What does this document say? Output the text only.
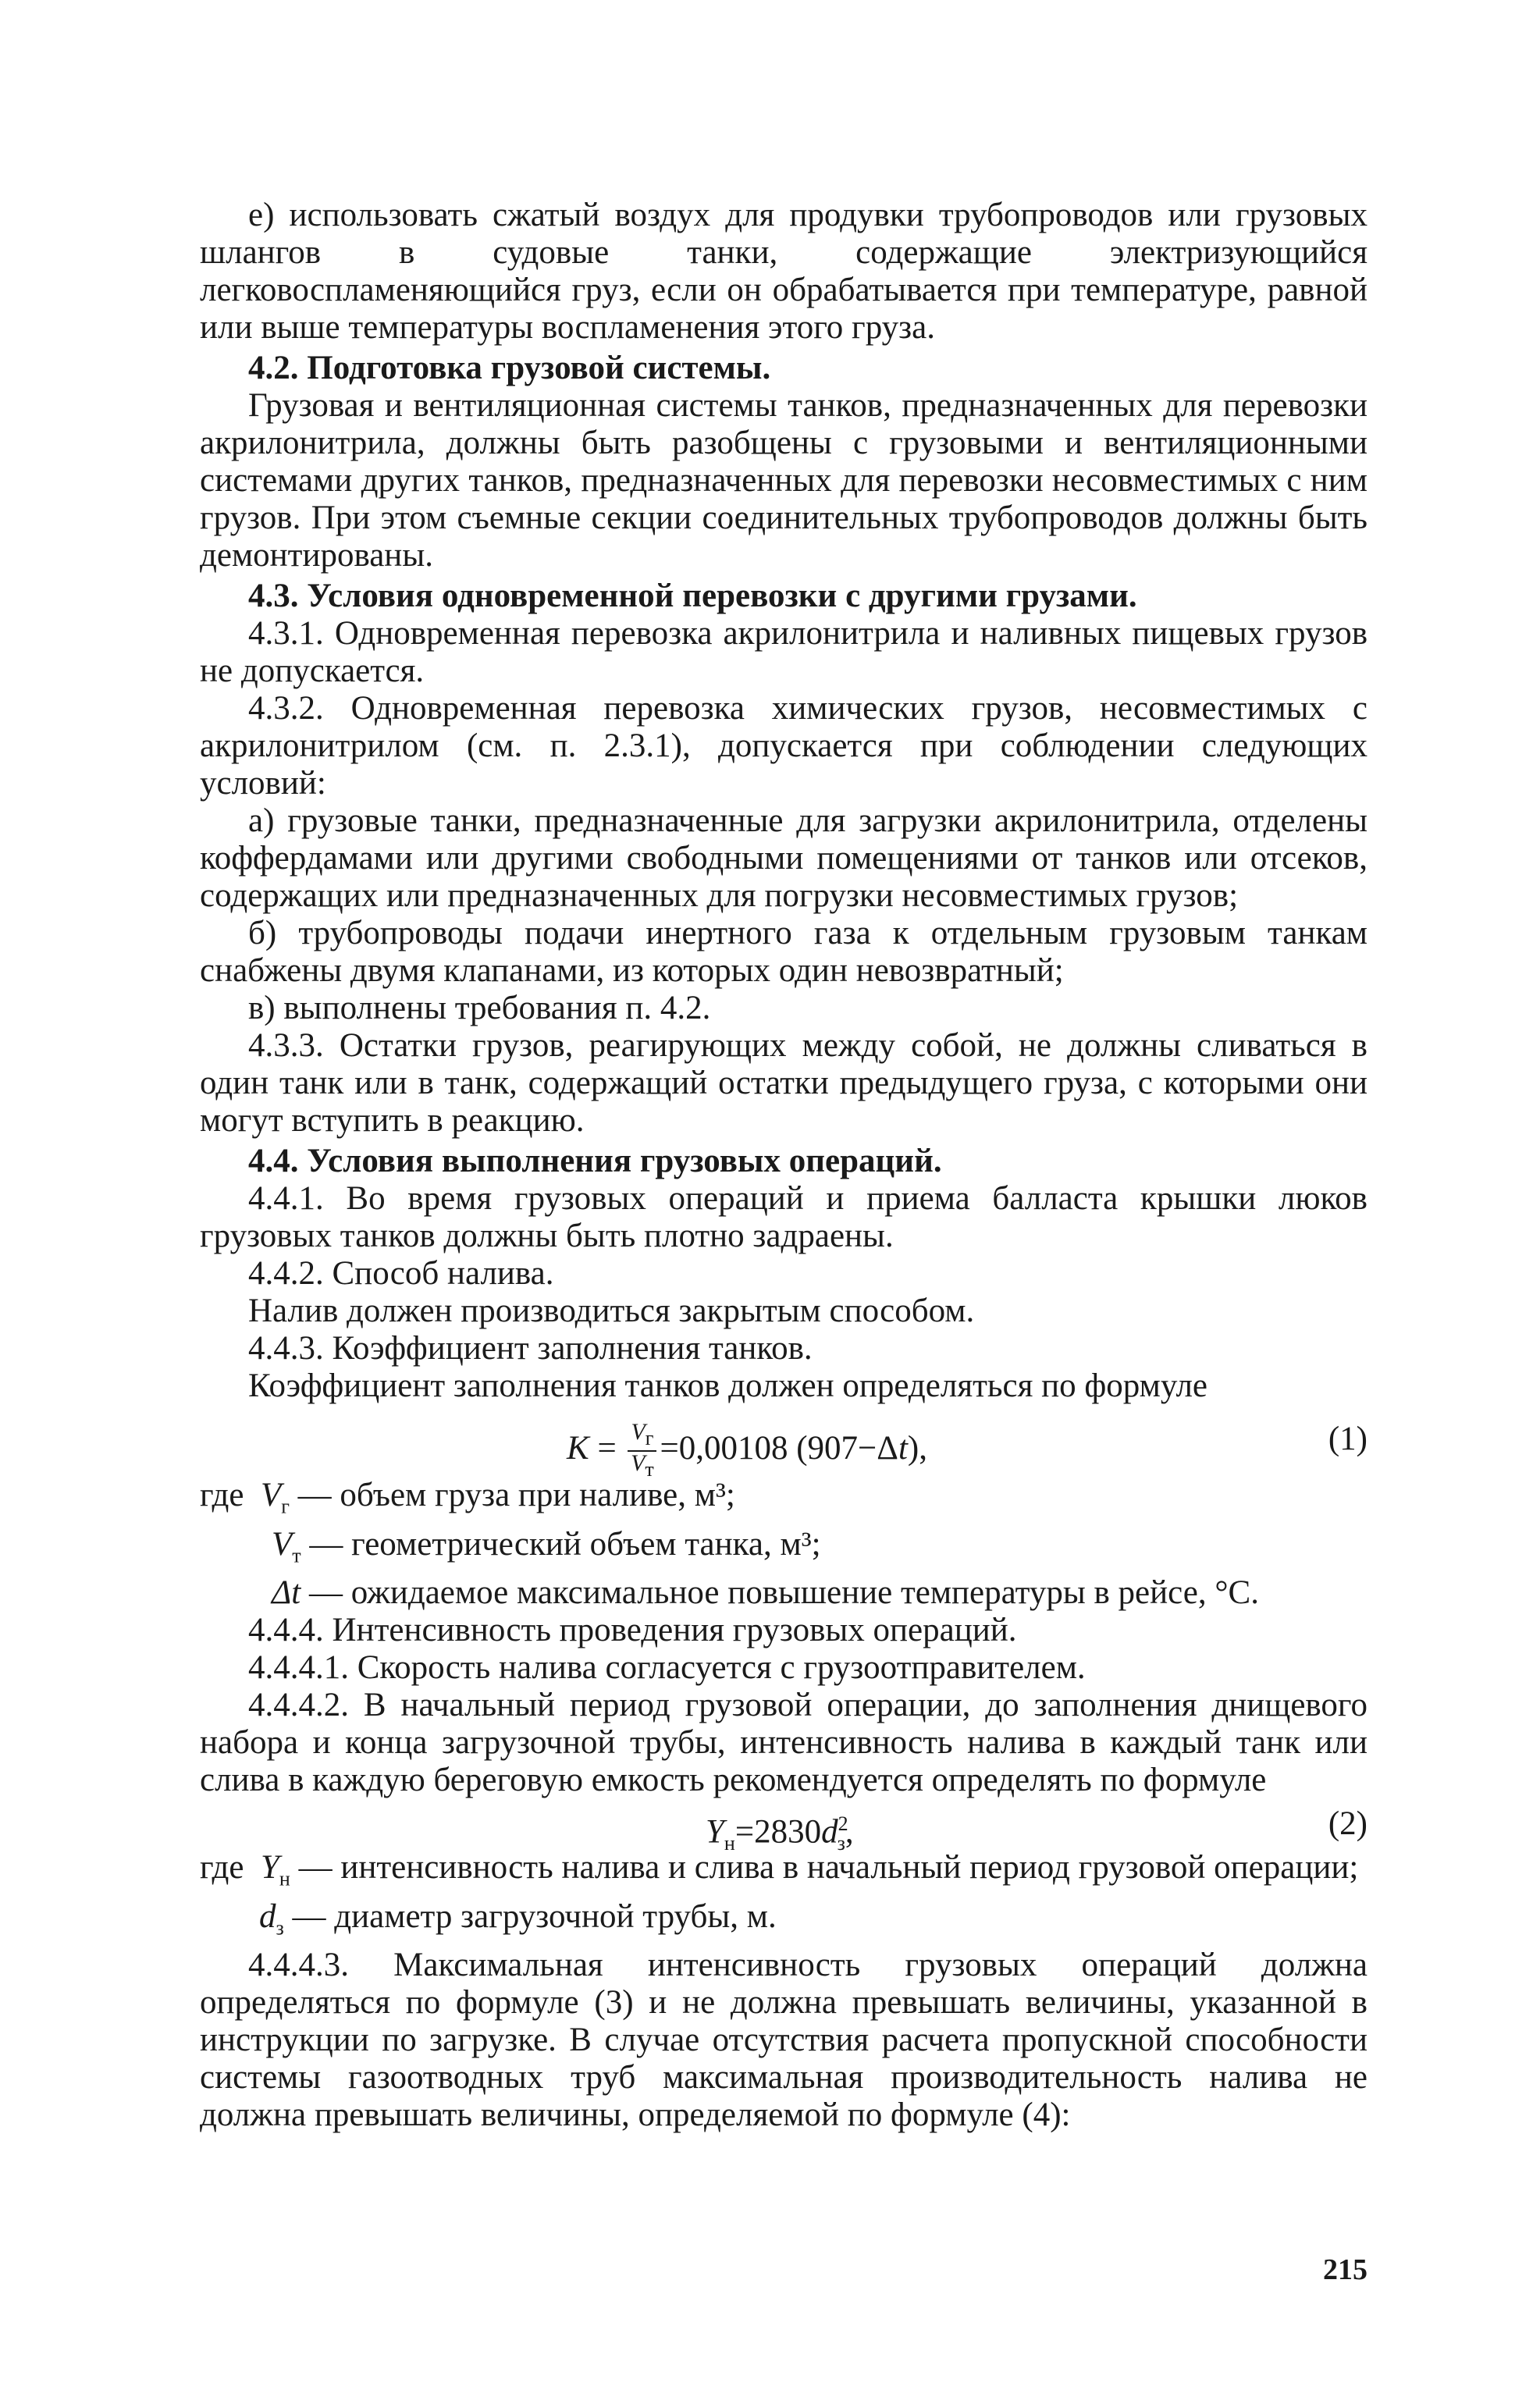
е) использовать сжатый воздух для продувки трубопроводов или грузовых шлангов в судовые танки, содержащие электризующийся легковоспламеняющийся груз, если он обрабатывается при температуре, равной или выше температуры воспламенения этого груза.

4.2. Подготовка грузовой системы.

Грузовая и вентиляционная системы танков, предназначенных для перевозки акрилонитрила, должны быть разобщены с грузовыми и вентиляционными системами других танков, предназначенных для перевозки несовместимых с ним грузов. При этом съемные секции соединительных трубопроводов должны быть демонтированы.

4.3. Условия одновременной перевозки с другими грузами.

4.3.1. Одновременная перевозка акрилонитрила и наливных пищевых грузов не допускается.

4.3.2. Одновременная перевозка химических грузов, несовместимых с акрилонитрилом (см. п. 2.3.1), допускается при соблюдении следующих условий:

а) грузовые танки, предназначенные для загрузки акрилонитрила, отделены коффердамами или другими свободными помещениями от танков или отсеков, содержащих или предназначенных для погрузки несовместимых грузов;

б) трубопроводы подачи инертного газа к отдельным грузовым танкам снабжены двумя клапанами, из которых один невозвратный;

в) выполнены требования п. 4.2.

4.3.3. Остатки грузов, реагирующих между собой, не должны сливаться в один танк или в танк, содержащий остатки предыдущего груза, с которыми они могут вступить в реакцию.

4.4. Условия выполнения грузовых операций.

4.4.1. Во время грузовых операций и приема балласта крышки люков грузовых танков должны быть плотно задраены.

4.4.2. Способ налива.

Налив должен производиться закрытым способом.

4.4.3. Коэффициент заполнения танков.

Коэффициент заполнения танков должен определяться по формуле

$K = \frac{V_г}{V_т} =0,00108$ (907−Δt),	(1)

где $V_г$ — объем груза при наливе, м³;

$V_т$ — геометрический объем танка, м³;

Δt — ожидаемое максимальное повышение температуры в рейсе, °С.

4.4.4. Интенсивность проведения грузовых операций.

4.4.4.1. Скорость налива согласуется с грузоотправителем.

4.4.4.2. В начальный период грузовой операции, до заполнения днищевого набора и конца загрузочной трубы, интенсивность налива в каждый танк или слива в каждую береговую емкость рекомендуется определять по формуле

$Y_н=2830d^2_з$,	(2)

где $Y_н$ — интенсивность налива и слива в начальный период грузовой операции;

$d_з$ — диаметр загрузочной трубы, м.

4.4.4.3. Максимальная интенсивность грузовых операций должна определяться по формуле (3) и не должна превышать величины, указанной в инструкции по загрузке. В случае отсутствия расчета пропускной способности системы газоотводных труб максимальная производительность налива не должна превышать величины, определяемой по формуле (4):

215
